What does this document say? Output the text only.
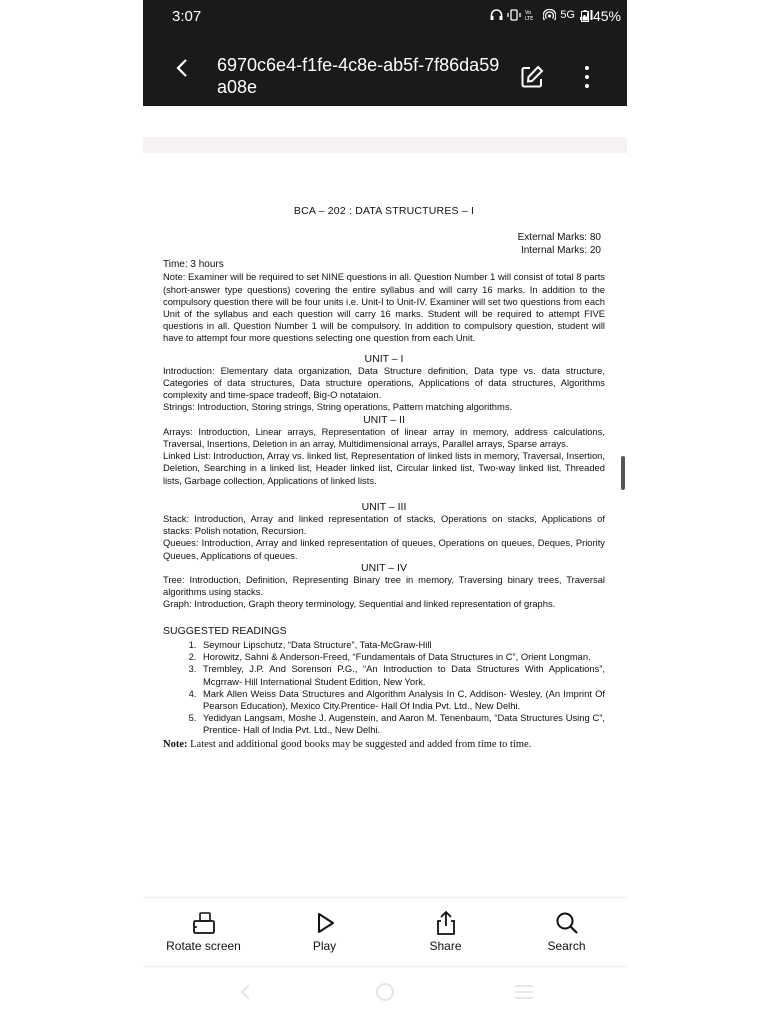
3:07	Vo
LTE 5G	45%
6970c6e4-f1fe-4c8e-ab5f-7f86da59a08e
BCA – 202 : DATA STRUCTURES – I
External Marks: 80
Internal Marks: 20
Time: 3 hours

Note: Examiner will be required to set NINE questions in all. Question Number 1 will consist of total 8 parts (short-answer type questions) covering the entire syllabus and will carry 16 marks. In addition to the compulsory question there will be four units i.e. Unit-I to Unit-IV. Examiner will set two questions from each Unit of the syllabus and each question will carry 16 marks. Student will be required to attempt FIVE questions in all. Question Number 1 will be compulsory. In addition to compulsory question, student will have to attempt four more questions selecting one question from each Unit.

UNIT – I

Introduction: Elementary data organization, Data Structure definition, Data type vs. data structure, Categories of data structures, Data structure operations, Applications of data structures, Algorithms complexity and time-space tradeoff, Big-O notataion.

Strings: Introduction, Storing strings, String operations, Pattern matching algorithms.

UNIT – II

Arrays: Introduction, Linear arrays, Representation of linear array in memory, address calculations, Traversal, Insertions, Deletion in an array, Multidimensional arrays, Parallel arrays, Sparse arrays.

Linked List: Introduction, Array vs. linked list, Representation of linked lists in memory, Traversal, Insertion, Deletion, Searching in a linked list, Header linked list, Circular linked list, Two-way linked list, Threaded lists, Garbage collection, Applications of linked lists.

UNIT – III

Stack: Introduction, Array and linked representation of stacks, Operations on stacks, Applications of stacks: Polish notation, Recursion.

Queues: Introduction, Array and linked representation of queues, Operations on queues, Deques, Priority Queues, Applications of queues.

UNIT – IV

Tree: Introduction, Definition, Representing Binary tree in memory, Traversing binary trees, Traversal algorithms using stacks.

Graph: Introduction, Graph theory terminology, Sequential and linked representation of graphs.

SUGGESTED READINGS
1. Seymour Lipschutz, “Data Structure”, Tata-McGraw-Hill
2. Horowitz, Sahni & Anderson-Freed, “Fundamentals of Data Structures in C”, Orient Longman.
3. Trembley, J.P. And Sorenson P.G., “An Introduction to Data Structures With Applications”, Mcgrraw- Hill International Student Edition, New York.
4. Mark Allen Weiss Data Structures and Algorithm Analysis In C, Addison- Wesley, (An Imprint Of Pearson Education), Mexico City.Prentice- Hall Of India Pvt. Ltd., New Delhi.
5. Yedidyan Langsam, Moshe J. Augenstein, and Aaron M. Tenenbaum, “Data Structures Using C”, Prentice- Hall of India Pvt. Ltd., New Delhi.
Note: Latest and additional good books may be suggested and added from time to time.
Rotate screen	Play	Share	Search
